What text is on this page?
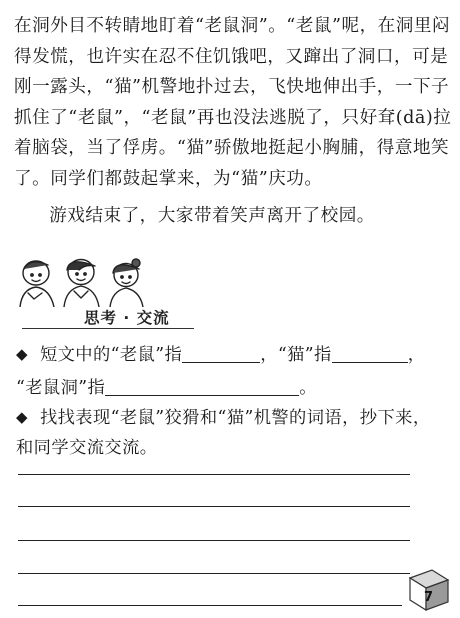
在洞外目不转睛地盯着“老鼠洞”。“老鼠”呢，在洞里闷得发慌，也许实在忍不住饥饿吧，又蹿出了洞口，可是刚一露头，“猫”机警地扑过去，飞快地伸出手，一下子抓住了“老鼠”，“老鼠”再也没法逃脱了，只好耷(dā)拉着脑袋，当了俘虏。“猫”骄傲地挺起小胸脯，得意地笑了。同学们都鼓起掌来，为“猫”庆功。

游戏结束了，大家带着笑声离开了校园。

思考 · 交流
◆ 短文中的“老鼠”指	，“猫”指	，
“老鼠洞”指	。
◆ 找找表现“老鼠”狡猾和“猫”机警的词语，抄下来，和同学交流交流。
7
